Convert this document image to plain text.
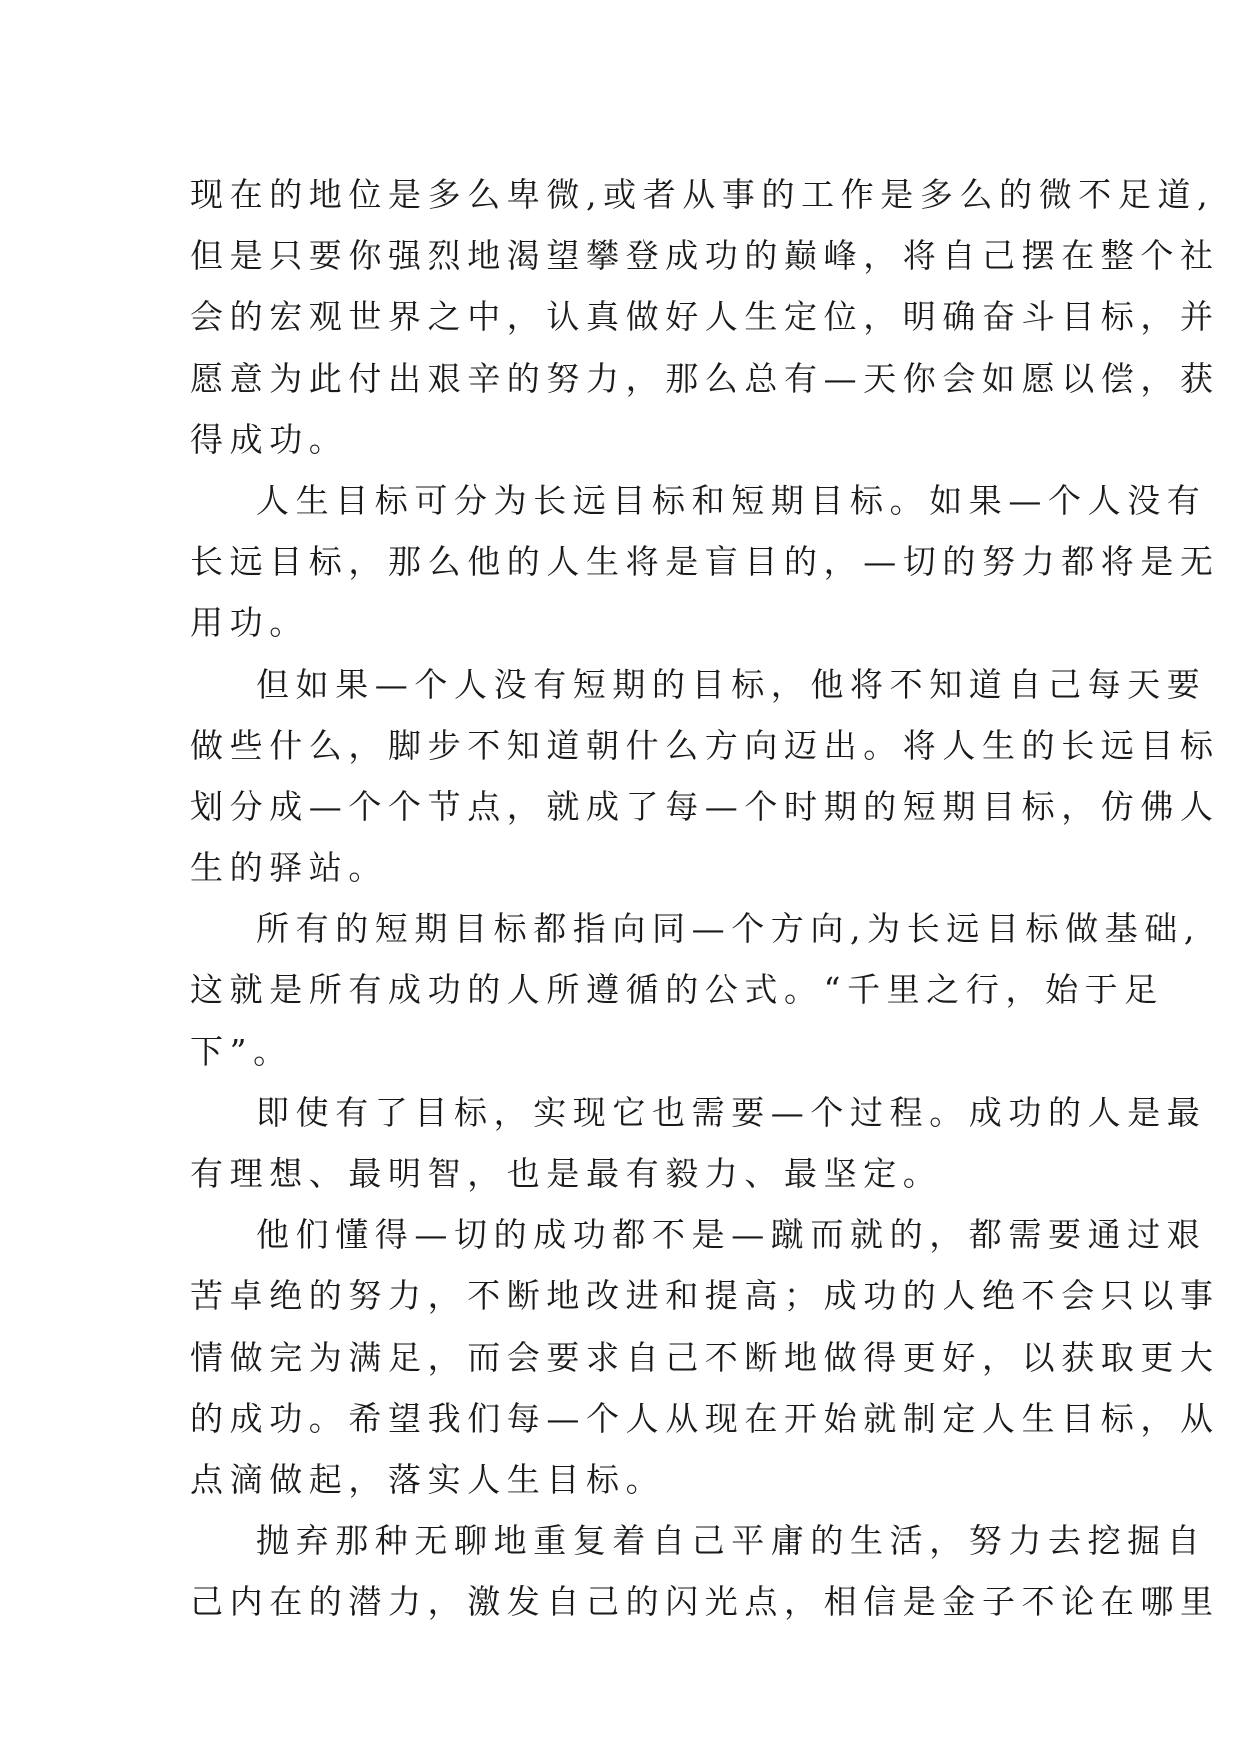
现在的地位是多么卑微,或者从事的工作是多么的微不足道,
但是只要你强烈地渴望攀登成功的巅峰，将自己摆在整个社
会的宏观世界之中，认真做好人生定位，明确奋斗目标，并
愿意为此付出艰辛的努力，那么总有—天你会如愿以偿，获
得成功。
人生目标可分为长远目标和短期目标。如果—个人没有
长远目标，那么他的人生将是盲目的，—切的努力都将是无
用功。
但如果—个人没有短期的目标，他将不知道自己每天要
做些什么，脚步不知道朝什么方向迈出。将人生的长远目标
划分成—个个节点，就成了每—个时期的短期目标，仿佛人
生的驿站。
所有的短期目标都指向同—个方向,为长远目标做基础,
这就是所有成功的人所遵循的公式。“千里之行，始于足
下”。
即使有了目标，实现它也需要—个过程。成功的人是最
有理想、最明智，也是最有毅力、最坚定。
他们懂得—切的成功都不是—蹴而就的，都需要通过艰
苦卓绝的努力，不断地改进和提高；成功的人绝不会只以事
情做完为满足，而会要求自己不断地做得更好，以获取更大
的成功。希望我们每—个人从现在开始就制定人生目标，从
点滴做起，落实人生目标。
抛弃那种无聊地重复着自己平庸的生活，努力去挖掘自
己内在的潜力，激发自己的闪光点，相信是金子不论在哪里
